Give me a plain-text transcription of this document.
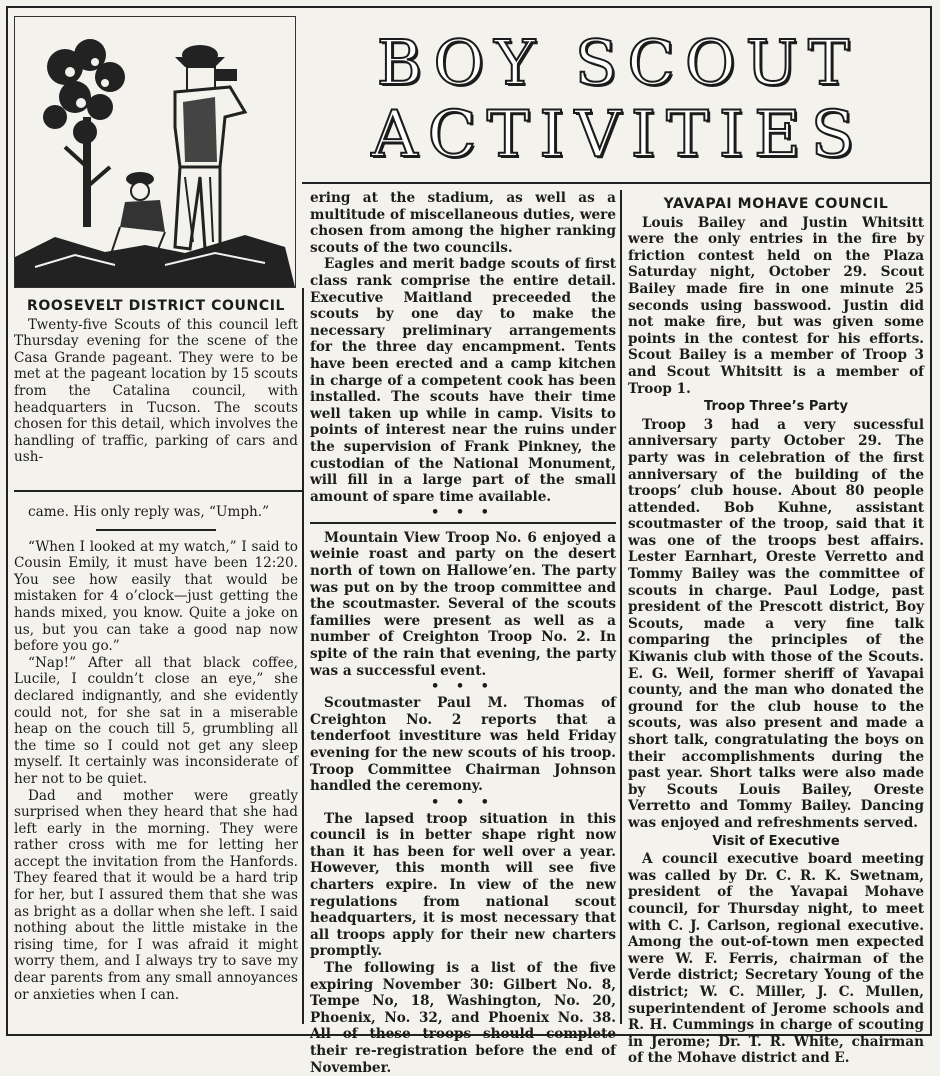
BOY SCOUT
ACTIVITIES
ROOSEVELT DISTRICT COUNCIL

Twenty-five Scouts of this council left Thursday evening for the scene of the Casa Grande pageant. They were to be met at the pageant location by 15 scouts from the Catalina council, with headquarters in Tucson. The scouts chosen for this detail, which involves the handling of traffic, parking of cars and ush-

came. His only reply was, “Umph.”

“When I looked at my watch,” I said to Cousin Emily, it must have been 12:20. You see how easily that would be mistaken for 4 o’clock—just getting the hands mixed, you know. Quite a joke on us, but you can take a good nap now before you go.”

“Nap!” After all that black coffee, Lucile, I couldn’t close an eye,” she declared indignantly, and she evidently could not, for she sat in a miserable heap on the couch till 5, grumbling all the time so I could not get any sleep myself. It certainly was inconsiderate of her not to be quiet.

Dad and mother were greatly surprised when they heard that she had left early in the morning. They were rather cross with me for letting her accept the invitation from the Hanfords. They feared that it would be a hard trip for her, but I assured them that she was as bright as a dollar when she left. I said nothing about the little mistake in the rising time, for I was afraid it might worry them, and I always try to save my dear parents from any small annoyances or anxieties when I can.

ering at the stadium, as well as a multitude of miscellaneous duties, were chosen from among the higher ranking scouts of the two councils.

Eagles and merit badge scouts of first class rank comprise the entire detail. Executive Maitland preceeded the scouts by one day to make the necessary preliminary arrangements for the three day encampment. Tents have been erected and a camp kitchen in charge of a competent cook has been installed. The scouts have their time well taken up while in camp. Visits to points of interest near the ruins under the supervision of Frank Pinkney, the custodian of the National Monument, will fill in a large part of the small amount of spare time available.

• • •

Mountain View Troop No. 6 enjoyed a weinie roast and party on the desert north of town on Hallowe’en. The party was put on by the troop committee and the scoutmaster. Several of the scouts families were present as well as a number of Creighton Troop No. 2. In spite of the rain that evening, the party was a successful event.

• • •

Scoutmaster Paul M. Thomas of Creighton No. 2 reports that a tenderfoot investiture was held Friday evening for the new scouts of his troop. Troop Committee Chairman Johnson handled the ceremony.

• • •

The lapsed troop situation in this council is in better shape right now than it has been for well over a year. However, this month will see five charters expire. In view of the new regulations from national scout headquarters, it is most necessary that all troops apply for their new charters promptly.

The following is a list of the five expiring November 30: Gilbert No. 8, Tempe No, 18, Washington, No. 20, Phoenix, No. 32, and Phoenix No. 38. All of these troops should complete their re-registration before the end of November.

YAVAPAI MOHAVE COUNCIL

Louis Bailey and Justin Whitsitt were the only entries in the fire by friction contest held on the Plaza Saturday night, October 29. Scout Bailey made fire in one minute 25 seconds using basswood. Justin did not make fire, but was given some points in the contest for his efforts. Scout Bailey is a member of Troop 3 and Scout Whitsitt is a member of Troop 1.

Troop Three’s Party

Troop 3 had a very sucessful anniversary party October 29. The party was in celebration of the first anniversary of the building of the troops’ club house. About 80 people attended. Bob Kuhne, assistant scoutmaster of the troop, said that it was one of the troops best affairs. Lester Earnhart, Oreste Verretto and Tommy Bailey was the committee of scouts in charge. Paul Lodge, past president of the Prescott district, Boy Scouts, made a very fine talk comparing the principles of the Kiwanis club with those of the Scouts. E. G. Weil, former sheriff of Yavapai county, and the man who donated the ground for the club house to the scouts, was also present and made a short talk, congratulating the boys on their accomplishments during the past year. Short talks were also made by Scouts Louis Bailey, Oreste Verretto and Tommy Bailey. Dancing was enjoyed and refreshments served.

Visit of Executive

A council executive board meeting was called by Dr. C. R. K. Swetnam, president of the Yavapai Mohave council, for Thursday night, to meet with C. J. Carlson, regional executive. Among the out-of-town men expected were W. F. Ferris, chairman of the Verde district; Secretary Young of the district; W. C. Miller, J. C. Mullen, superintendent of Jerome schools and R. H. Cummings in charge of scouting in Jerome; Dr. T. R. White, chairman of the Mohave district and E.
